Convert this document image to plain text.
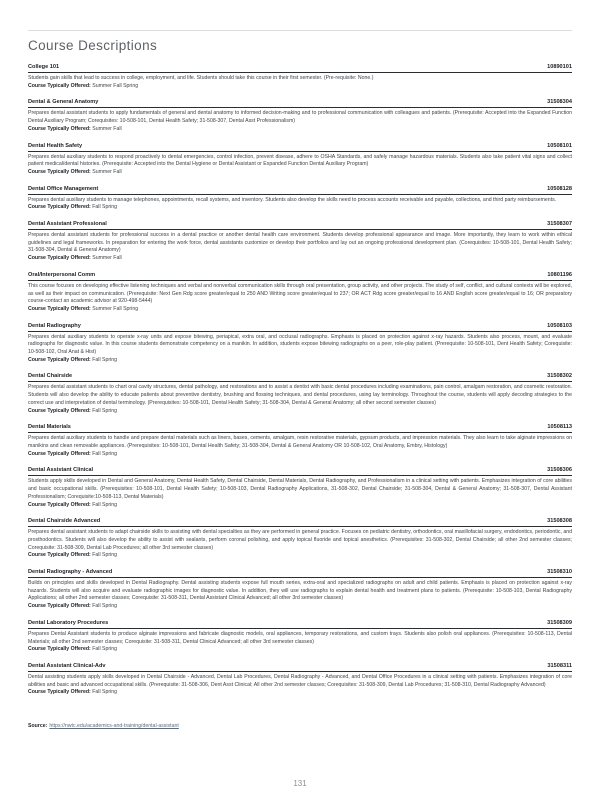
Course Descriptions
College 101	10890101

Students gain skills that lead to success in college, employment, and life. Students should take this course in their first semester. (Pre-requisite: None.)

Course Typically Offered: Summer Fall Spring

Dental & General Anatomy	31508304

Prepares dental assistant students to apply fundamentals of general and dental anatomy to informed decision-making and to professional communication with colleagues and patients. (Prerequisite: Accepted into the Expanded Function Dental Auxiliary Program; Corequisites: 10-508-101, Dental Health Safety; 31-508-307, Dental Asst Professionalism)

Course Typically Offered: Summer Fall

Dental Health Safety	10508101

Prepares dental auxiliary students to respond proactively to dental emergencies, control infection, prevent disease, adhere to OSHA Standards, and safely manage hazardous materials. Students also take patient vital signs and collect patient medical/dental histories. (Prerequisite: Accepted into the Dental Hygiene or Dental Assistant or Expanded Function Dental Auxiliary Program)

Course Typically Offered: Summer Fall

Dental Office Management	10508128

Prepares dental auxiliary students to manage telephones, appointments, recall systems, and inventory. Students also develop the skills need to process accounts receivable and payable, collections, and third party reimbursements.

Course Typically Offered: Fall Spring

Dental Assistant Professional	31508307

Prepares dental assistant students for professional success in a dental practice or another dental health care environment. Students develop professional appearance and image. More importantly, they learn to work within ethical guidelines and legal frameworks. In preparation for entering the work force, dental assistants customize or develop their portfolios and lay out an ongoing professional development plan. (Corequisites: 10-508-101, Dental Health Safety; 31-508-304, Dental & General Anatomy)

Course Typically Offered: Summer Fall

Oral/Interpersonal Comm	10801196

This course focuses on developing effective listening techniques and verbal and nonverbal communication skills through oral presentation, group activity, and other projects. The study of self, conflict, and cultural contexts will be explored, as well as their impact on communication. (Prerequisite: Next Gen Rdg score greater/equal to 250 AND Writing score greater/equal to 237; OR ACT Rdg score greater/equal to 16 AND English score greater/equal to 16; OR preparatory course-contact an academic advisor at 920-498-5444)

Course Typically Offered: Summer Fall Spring

Dental Radiography	10508103

Prepares dental auxiliary students to operate x-ray units and expose bitewing, periapical, extra oral, and occlusal radiographs. Emphasis is placed on protection against x-ray hazards. Students also process, mount, and evaluate radiographs for diagnostic value. In this course students demonstrate competency on a manikin. In addition, students expose bitewing radiographs on a peer, role-play patient. (Prerequisite: 10-508-101, Dent Health Safety; Corequisite: 10-508-102, Oral Anat & Hist)

Course Typically Offered: Fall Spring

Dental Chairside	31508302

Prepares dental assistant students to chart oral cavity structures, dental pathology, and restorations and to assist a dentist with basic dental procedures including examinations, pain control, amalgam restoration, and cosmetic restoration. Students will also develop the ability to educate patients about preventive dentistry, brushing and flossing techniques, and dental procedures, using lay terminology. Throughout the course, students will apply decoding strategies to the correct use and interpretation of dental terminology. (Prerequisites: 10-508-101, Dental Health Safety; 31-508-304, Dental & General Anatomy; all other second semester classes)

Course Typically Offered: Fall Spring

Dental Materials	10508113

Prepares dental auxiliary students to handle and prepare dental materials such as liners, bases, cements, amalgam, resin restorative materials, gypsum products, and impression materials. They also learn to take alginate impressions on manikins and clean removable appliances. (Prerequisites: 10-508-101, Dental Health Safety; 31-508-304, Dental & General Anatomy OR 10-508-102, Oral Anatomy, Embry, Histology)

Course Typically Offered: Fall Spring

Dental Assistant Clinical	31508306

Students apply skills developed in Dental and General Anatomy, Dental Health Safety, Dental Chairside, Dental Materials, Dental Radiography, and Professionalism in a clinical setting with patients. Emphasizes integration of core abilities and basic occupational skills. (Prerequisites: 10-508-101, Dental Health Safety; 10-508-103, Dental Radiography Applications, 31-508-302, Dental Chairside; 31-508-304, Dental & General Anatomy; 31-508-307, Dental Assistant Professionalism; Corequisite:10-508-113, Dental Materials)

Course Typically Offered: Fall Spring

Dental Chairside Advanced	31508308

Prepares dental assistant students to adapt chairside skills to assisting with dental specialties as they are performed in general practice. Focuses on pediatric dentistry, orthodontics, oral maxillofacial surgery, endodontics, periodontic, and prosthodontics. Students will also develop the ability to assist with sealants, perform coronal polishing, and apply topical fluoride and topical anesthetics. (Prerequisites: 31-508-302, Dental Chairside; all other 2nd semester classes; Corequisite: 31-508-309, Dental Lab Procedures; all other 3rd semester classes)

Course Typically Offered: Fall Spring

Dental Radiography - Advanced	31508310

Builds on principles and skills developed in Dental Radiography. Dental assisting students expose full mouth series, extra-oral and specialized radiographs on adult and child patients. Emphasis is placed on protection against x-ray hazards. Students will also acquire and evaluate radiographic images for diagnostic value. In addition, they will use radiographs to explain dental health and treatment plans to patients. (Prerequisite: 10-508-103, Dental Radiography Applications; all other 2nd semester classes; Corequisite: 31-508-311, Dental Assistant Clinical Advanced; all other 3rd semester classes)

Course Typically Offered: Fall Spring

Dental Laboratory Procedures	31508309

Prepares Dental Assistant students to produce alginate impressions and fabricate diagnostic models, oral appliances, temporary restorations, and custom trays. Students also polish oral appliances. (Prerequisites: 10-508-113, Dental Materials; all other 2nd semester classes; Corequisite: 31-508-311, Dental Clinical Advanced; all other 3rd semester classes)

Course Typically Offered: Fall Spring

Dental Assistant Clinical-Adv	31508311

Dental assisting students apply skills developed in Dental Chairside - Advanced, Dental Lab Procedures, Dental Radiography - Advanced, and Dental Office Procedures in a clinical setting with patients. Emphasizes integration of core abilities and basic and advanced occupational skills. (Prerequisite: 31-508-306, Dent Asst Clinical; All other 2nd semester classes; Corequisites: 31-508-309, Dental Lab Procedures; 31-508-310, Dental Radiography Advanced)

Course Typically Offered: Fall Spring

Source: https://nwtc.edu/academics-and-training/dental-assistant
131
